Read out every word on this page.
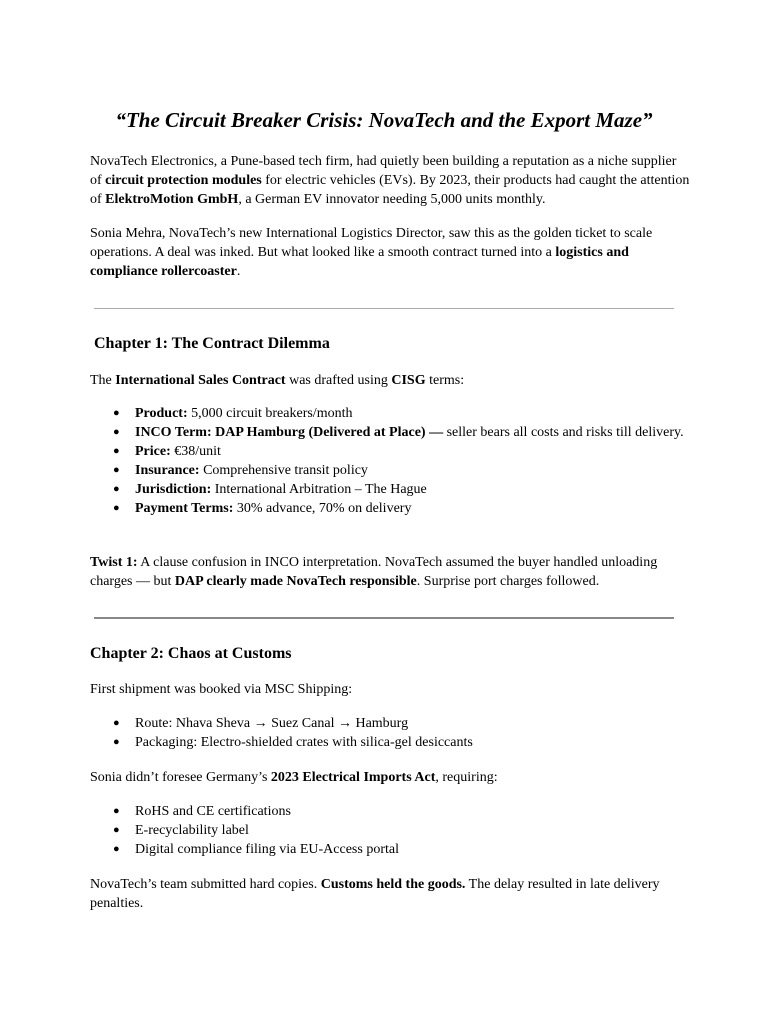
“The Circuit Breaker Crisis: NovaTech and the Export Maze”

NovaTech Electronics, a Pune-based tech firm, had quietly been building a reputation as a niche supplier of circuit protection modules for electric vehicles (EVs). By 2023, their products had caught the attention of ElektroMotion GmbH, a German EV innovator needing 5,000 units monthly.

Sonia Mehra, NovaTech’s new International Logistics Director, saw this as the golden ticket to scale operations. A deal was inked. But what looked like a smooth contract turned into a logistics and compliance rollercoaster.

Chapter 1: The Contract Dilemma

The International Sales Contract was drafted using CISG terms:

● Product: 5,000 circuit breakers/month
● INCO Term: DAP Hamburg (Delivered at Place) — seller bears all costs and risks till delivery.
● Price: €38/unit
● Insurance: Comprehensive transit policy
● Jurisdiction: International Arbitration – The Hague
● Payment Terms: 30% advance, 70% on delivery

Twist 1: A clause confusion in INCO interpretation. NovaTech assumed the buyer handled unloading charges — but DAP clearly made NovaTech responsible. Surprise port charges followed.

Chapter 2: Chaos at Customs

First shipment was booked via MSC Shipping:

● Route: Nhava Sheva → Suez Canal → Hamburg
● Packaging: Electro-shielded crates with silica-gel desiccants

Sonia didn’t foresee Germany’s 2023 Electrical Imports Act, requiring:

● RoHS and CE certifications
● E-recyclability label
● Digital compliance filing via EU-Access portal

NovaTech’s team submitted hard copies. Customs held the goods. The delay resulted in late delivery penalties.
